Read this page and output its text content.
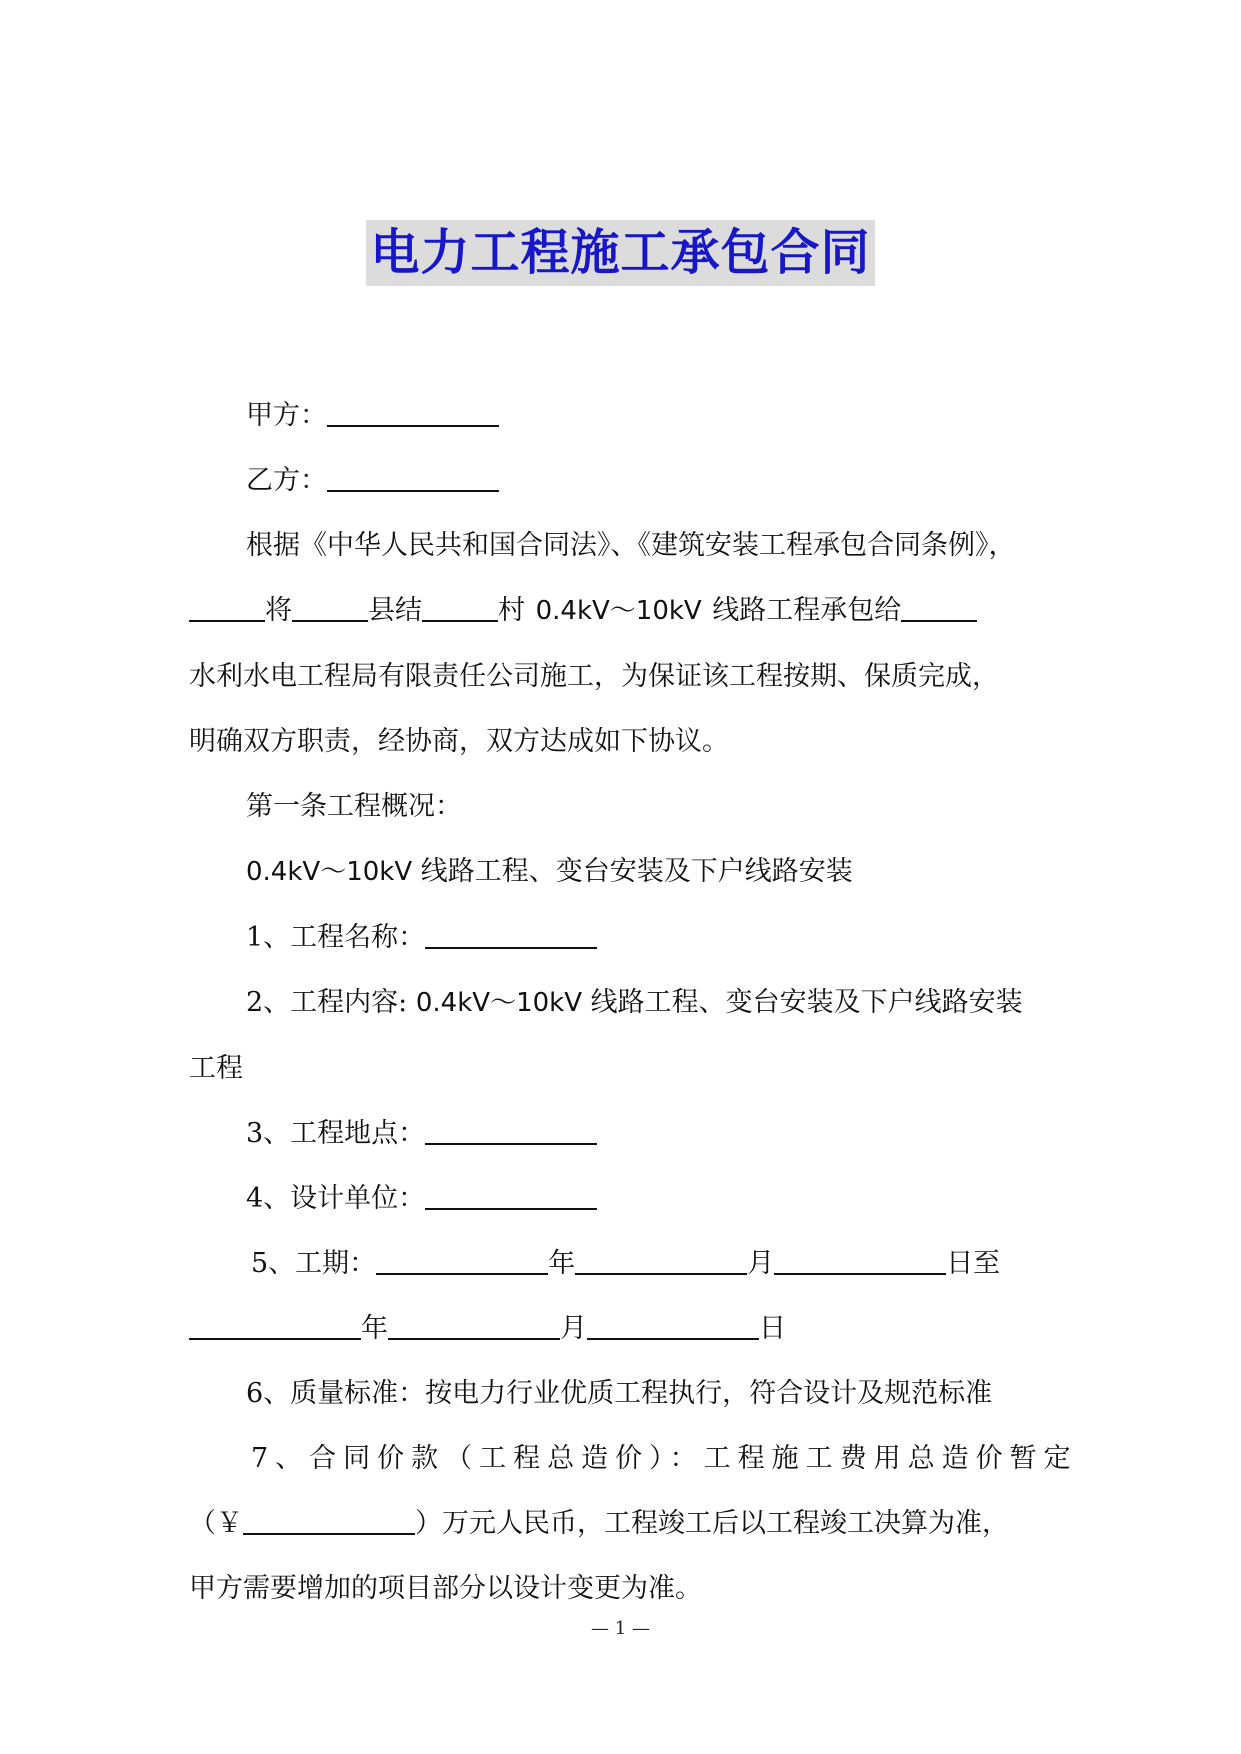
电力工程施工承包合同
甲方：
乙方：
根据《中华人民共和国合同法》、《建筑安装工程承包合同条例》，
将	县结	村 0.4kV～10kV 线路工程承包给
水利水电工程局有限责任公司施工，为保证该工程按期、保质完成，
明确双方职责，经协商，双方达成如下协议。
第一条工程概况：
0.4kV～10kV 线路工程、变台安装及下户线路安装
1、工程名称：
2、工程内容: 0.4kV～10kV 线路工程、变台安装及下户线路安装
工程
3、工程地点：
4、设计单位：
5、工期：	年	月	日至
年	月	日
6、质量标准：按电力行业优质工程执行，符合设计及规范标准
7、合同价款（工程总造价）：工程施工费用总造价暂定
（￥	）万元人民币，工程竣工后以工程竣工决算为准，
甲方需要增加的项目部分以设计变更为准。
— 1 —
